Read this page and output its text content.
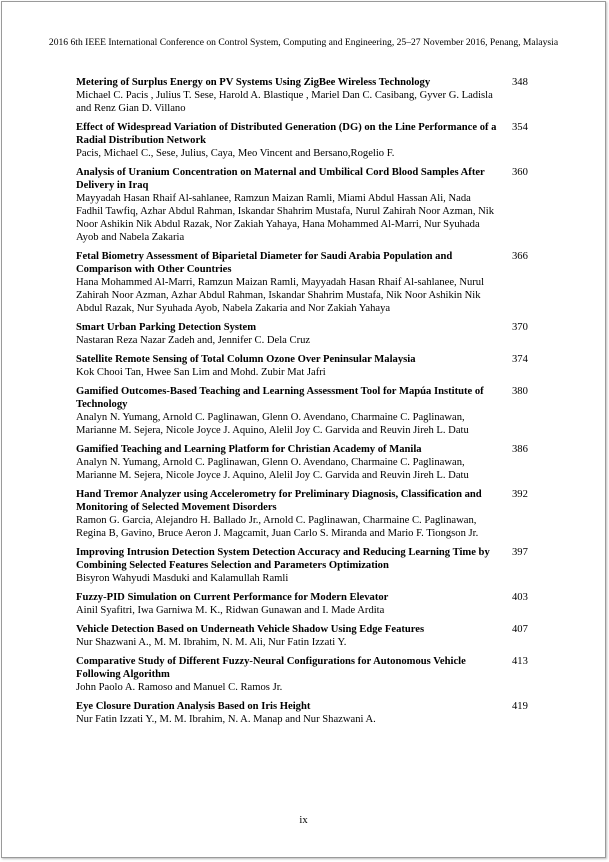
2016 6th IEEE International Conference on Control System, Computing and Engineering, 25–27 November 2016, Penang, Malaysia
Metering of Surplus Energy on PV Systems Using ZigBee Wireless Technology
Michael C. Pacis , Julius T. Sese, Harold A. Blastique , Mariel Dan C. Casibang, Gyver G. Ladisla and Renz Gian D. Villano
348
Effect of Widespread Variation of Distributed Generation (DG) on the Line Performance of a Radial Distribution Network
Pacis, Michael C., Sese, Julius, Caya, Meo Vincent and Bersano,Rogelio F.
354
Analysis of Uranium Concentration on Maternal and Umbilical Cord Blood Samples After Delivery in Iraq
Mayyadah Hasan Rhaif Al-sahlanee, Ramzun Maizan Ramli, Miami Abdul Hassan Ali, Nada Fadhil Tawfiq, Azhar Abdul Rahman, Iskandar Shahrim Mustafa, Nurul Zahirah Noor Azman, Nik Noor Ashikin Nik Abdul Razak, Nor Zakiah Yahaya, Hana Mohammed Al-Marri, Nur Syuhada Ayob and Nabela Zakaria
360
Fetal Biometry Assessment of Biparietal Diameter for Saudi Arabia Population and Comparison with Other Countries
Hana Mohammed Al-Marri, Ramzun Maizan Ramli, Mayyadah Hasan Rhaif Al-sahlanee, Nurul Zahirah Noor Azman, Azhar Abdul Rahman, Iskandar Shahrim Mustafa, Nik Noor Ashikin Nik Abdul Razak, Nur Syuhada Ayob, Nabela Zakaria and Nor Zakiah Yahaya
366
Smart Urban Parking Detection System
Nastaran Reza Nazar Zadeh and, Jennifer C. Dela Cruz
370
Satellite Remote Sensing of Total Column Ozone Over Peninsular Malaysia
Kok Chooi Tan, Hwee San Lim and Mohd. Zubir Mat Jafri
374
Gamified Outcomes-Based Teaching and Learning Assessment Tool for Mapúa Institute of Technology
Analyn N. Yumang, Arnold C. Paglinawan, Glenn O. Avendano, Charmaine C. Paglinawan, Marianne M. Sejera, Nicole Joyce J. Aquino, Alelil Joy C. Garvida and Reuvin Jireh L. Datu
380
Gamified Teaching and Learning Platform for Christian Academy of Manila
Analyn N. Yumang, Arnold C. Paglinawan, Glenn O. Avendano, Charmaine C. Paglinawan, Marianne M. Sejera, Nicole Joyce J. Aquino, Alelil Joy C. Garvida and Reuvin Jireh L. Datu
386
Hand Tremor Analyzer using Accelerometry for Preliminary Diagnosis, Classification and Monitoring of Selected Movement Disorders
Ramon G. Garcia, Alejandro H. Ballado Jr., Arnold C. Paglinawan, Charmaine C. Paglinawan, Regina B, Gavino, Bruce Aeron J. Magcamit, Juan Carlo S. Miranda and Mario F. Tiongson Jr.
392
Improving Intrusion Detection System Detection Accuracy and Reducing Learning Time by Combining Selected Features Selection and Parameters Optimization
Bisyron Wahyudi Masduki and Kalamullah Ramli
397
Fuzzy-PID Simulation on Current Performance for Modern Elevator
Ainil Syafitri, Iwa Garniwa M. K., Ridwan Gunawan and I. Made Ardita
403
Vehicle Detection Based on Underneath Vehicle Shadow Using Edge Features
Nur Shazwani A., M. M. Ibrahim, N. M. Ali, Nur Fatin Izzati Y.
407
Comparative Study of Different Fuzzy-Neural Configurations for Autonomous Vehicle Following Algorithm
John Paolo A. Ramoso and Manuel C. Ramos Jr.
413
Eye Closure Duration Analysis Based on Iris Height
Nur Fatin Izzati Y., M. M. Ibrahim, N. A. Manap and Nur Shazwani A.
419
ix
